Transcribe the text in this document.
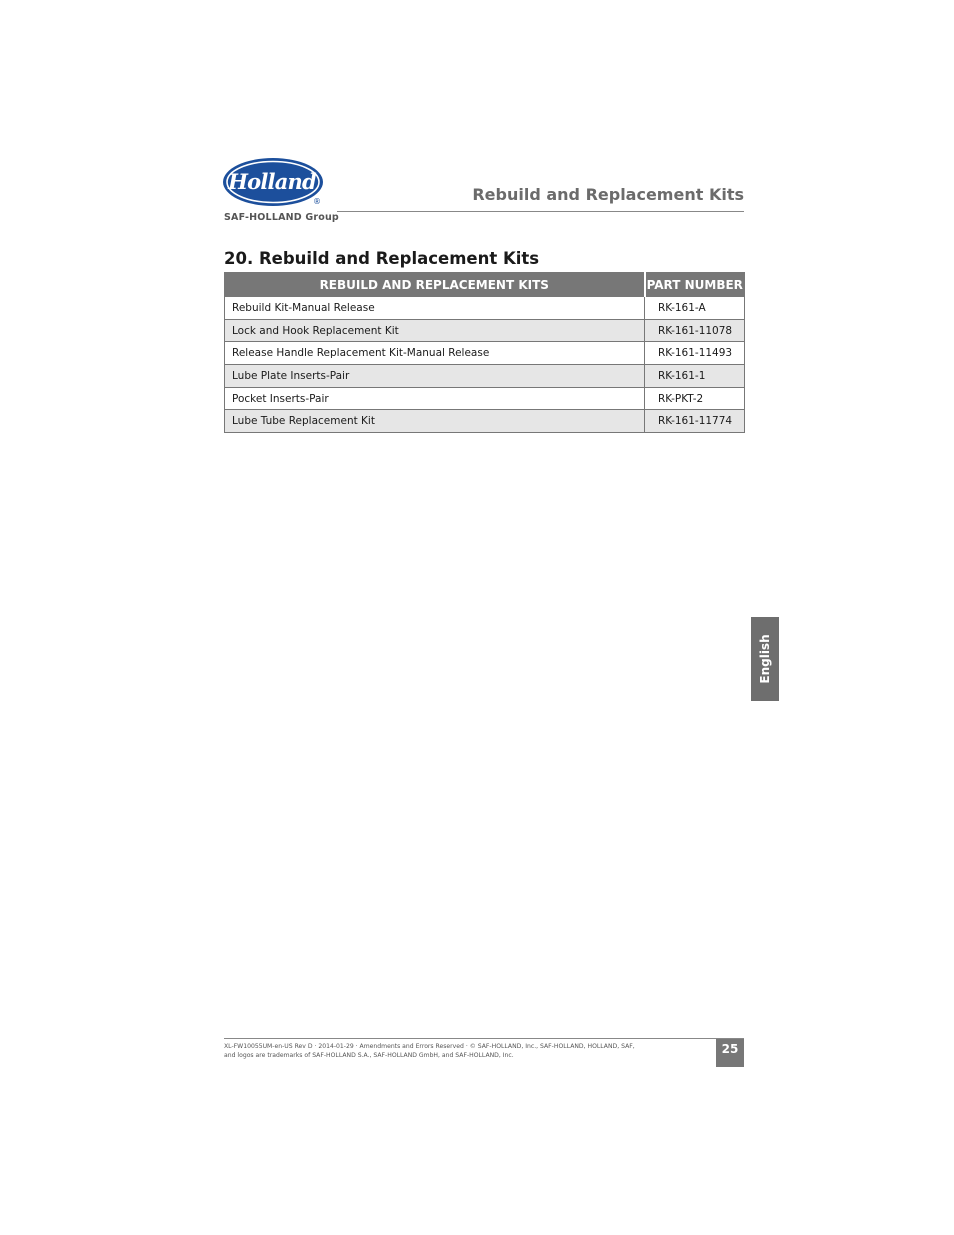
Holland
®
SAF-HOLLAND Group
Rebuild and Replacement Kits
20. Rebuild and Replacement Kits
REBUILD AND REPLACEMENT KITS	PART NUMBER
Rebuild Kit-Manual Release	RK-161-A
Lock and Hook Replacement Kit	RK-161-11078
Release Handle Replacement Kit-Manual Release	RK-161-11493
Lube Plate Inserts-Pair	RK-161-1
Pocket Inserts-Pair	RK-PKT-2
Lube Tube Replacement Kit	RK-161-11774
English
XL-FW10055UM-en-US Rev D · 2014-01-29 · Amendments and Errors Reserved · © SAF-HOLLAND, Inc., SAF-HOLLAND, HOLLAND, SAF,
and logos are trademarks of SAF-HOLLAND S.A., SAF-HOLLAND GmbH, and SAF-HOLLAND, Inc.	25
